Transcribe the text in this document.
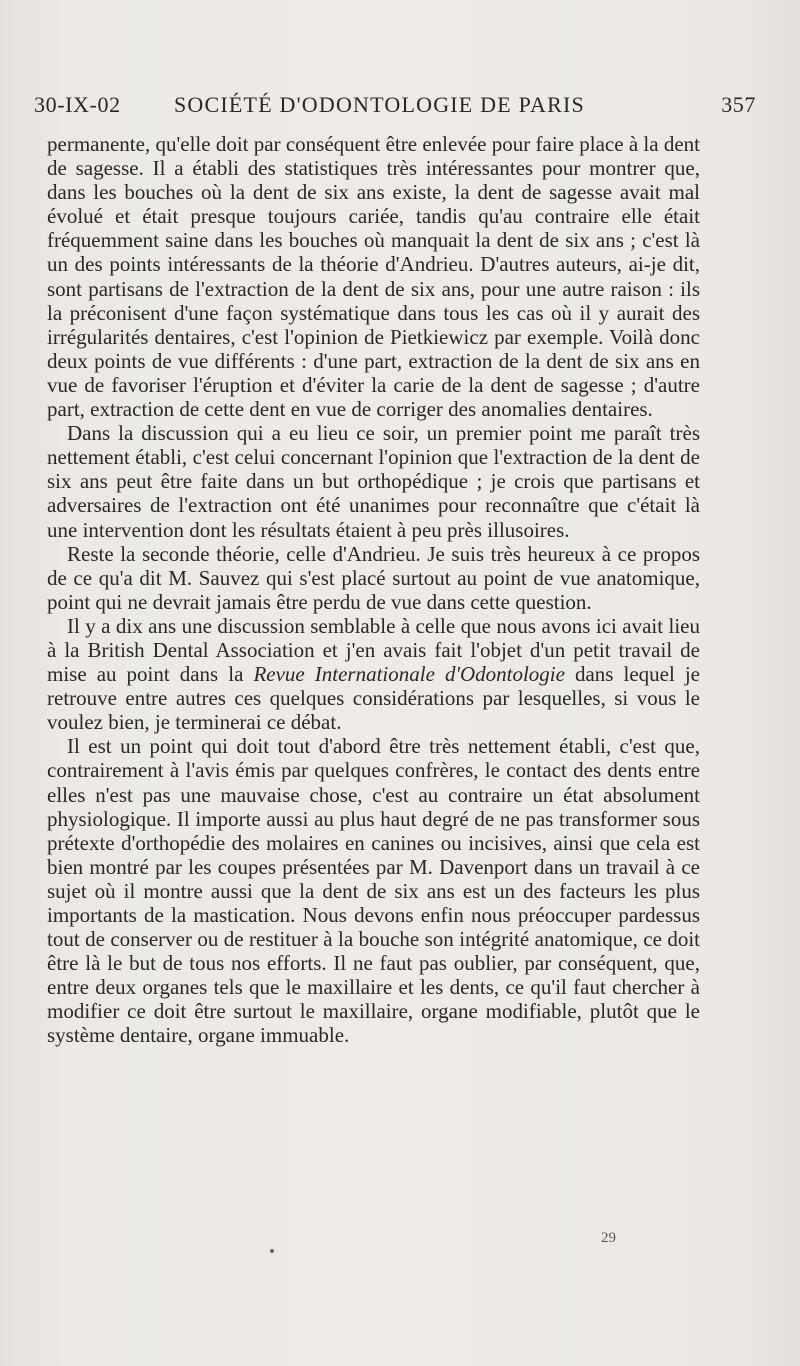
30-IX-02 SOCIÉTÉ D'ODONTOLOGIE DE PARIS	357

permanente, qu'elle doit par conséquent être enlevée pour faire place à la dent de sagesse. Il a établi des statistiques très intéressantes pour montrer que, dans les bouches où la dent de six ans existe, la dent de sagesse avait mal évolué et était presque toujours cariée, tandis qu'au contraire elle était fréquemment saine dans les bouches où manquait la dent de six ans ; c'est là un des points intéressants de la théorie d'Andrieu. D'autres auteurs, ai-je dit, sont partisans de l'extraction de la dent de six ans, pour une autre raison : ils la préconisent d'une façon systématique dans tous les cas où il y aurait des irrégularités dentaires, c'est l'opinion de Pietkiewicz par exemple. Voilà donc deux points de vue différents : d'une part, extraction de la dent de six ans en vue de favoriser l'éruption et d'éviter la carie de la dent de sagesse ; d'autre part, extraction de cette dent en vue de corriger des anomalies dentaires.

Dans la discussion qui a eu lieu ce soir, un premier point me paraît très nettement établi, c'est celui concernant l'opinion que l'extraction de la dent de six ans peut être faite dans un but orthopédique ; je crois que partisans et adversaires de l'extraction ont été unanimes pour reconnaître que c'était là une intervention dont les résultats étaient à peu près illusoires.

Reste la seconde théorie, celle d'Andrieu. Je suis très heureux à ce propos de ce qu'a dit M. Sauvez qui s'est placé surtout au point de vue anatomique, point qui ne devrait jamais être perdu de vue dans cette question.

Il y a dix ans une discussion semblable à celle que nous avons ici avait lieu à la British Dental Association et j'en avais fait l'objet d'un petit travail de mise au point dans la Revue Internationale d'Odontologie dans lequel je retrouve entre autres ces quelques considérations par lesquelles, si vous le voulez bien, je terminerai ce débat.

Il est un point qui doit tout d'abord être très nettement établi, c'est que, contrairement à l'avis émis par quelques confrères, le contact des dents entre elles n'est pas une mauvaise chose, c'est au contraire un état absolument physiologique. Il importe aussi au plus haut degré de ne pas transformer sous prétexte d'orthopédie des molaires en canines ou incisives, ainsi que cela est bien montré par les coupes présentées par M. Davenport dans un travail à ce sujet où il montre aussi que la dent de six ans est un des facteurs les plus importants de la mastication. Nous devons enfin nous préoccuper pardessus tout de conserver ou de restituer à la bouche son intégrité anatomique, ce doit être là le but de tous nos efforts. Il ne faut pas oublier, par conséquent, que, entre deux organes tels que le maxillaire et les dents, ce qu'il faut chercher à modifier ce doit être surtout le maxillaire, organe modifiable, plutôt que le système dentaire, organe immuable.

29
